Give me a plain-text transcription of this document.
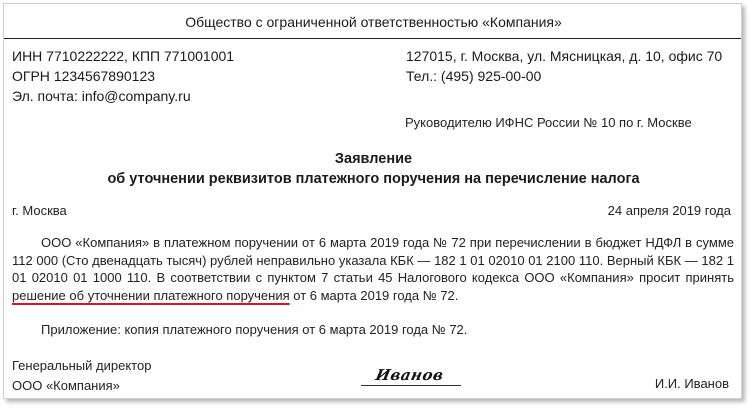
Общество с ограниченной ответственностью «Компания»
ИНН 7710222222, КПП 771001001
ОГРН 1234567890123
Эл. почта: info@company.ru
127015, г. Москва, ул. Мясницкая, д. 10, офис 70
Тел.: (495) 925-00-00
Руководителю ИФНС России № 10 по г. Москве
Заявление
об уточнении реквизитов платежного поручения на перечисление налога
г. Москва	24 апреля 2019 года
ООО «Компания» в платежном поручении от 6 марта 2019 года № 72 при перечислении в бюджет НДФЛ в сумме
112 000 (Сто двенадцать тысяч) рублей неправильно указала КБК — 182 1 01 02010 01 2100 110. Верный КБК — 182 1
01 02010 01 1000 110. В соответствии с пунктом 7 статьи 45 Налогового кодекса ООО «Компания» просит принять
решение об уточнении платежного поручения от 6 марта 2019 года № 72.
Приложение: копия платежного поручения от 6 марта 2019 года № 72.
Генеральный директор
ООО «Компания»
Иванов	И.И. Иванов
